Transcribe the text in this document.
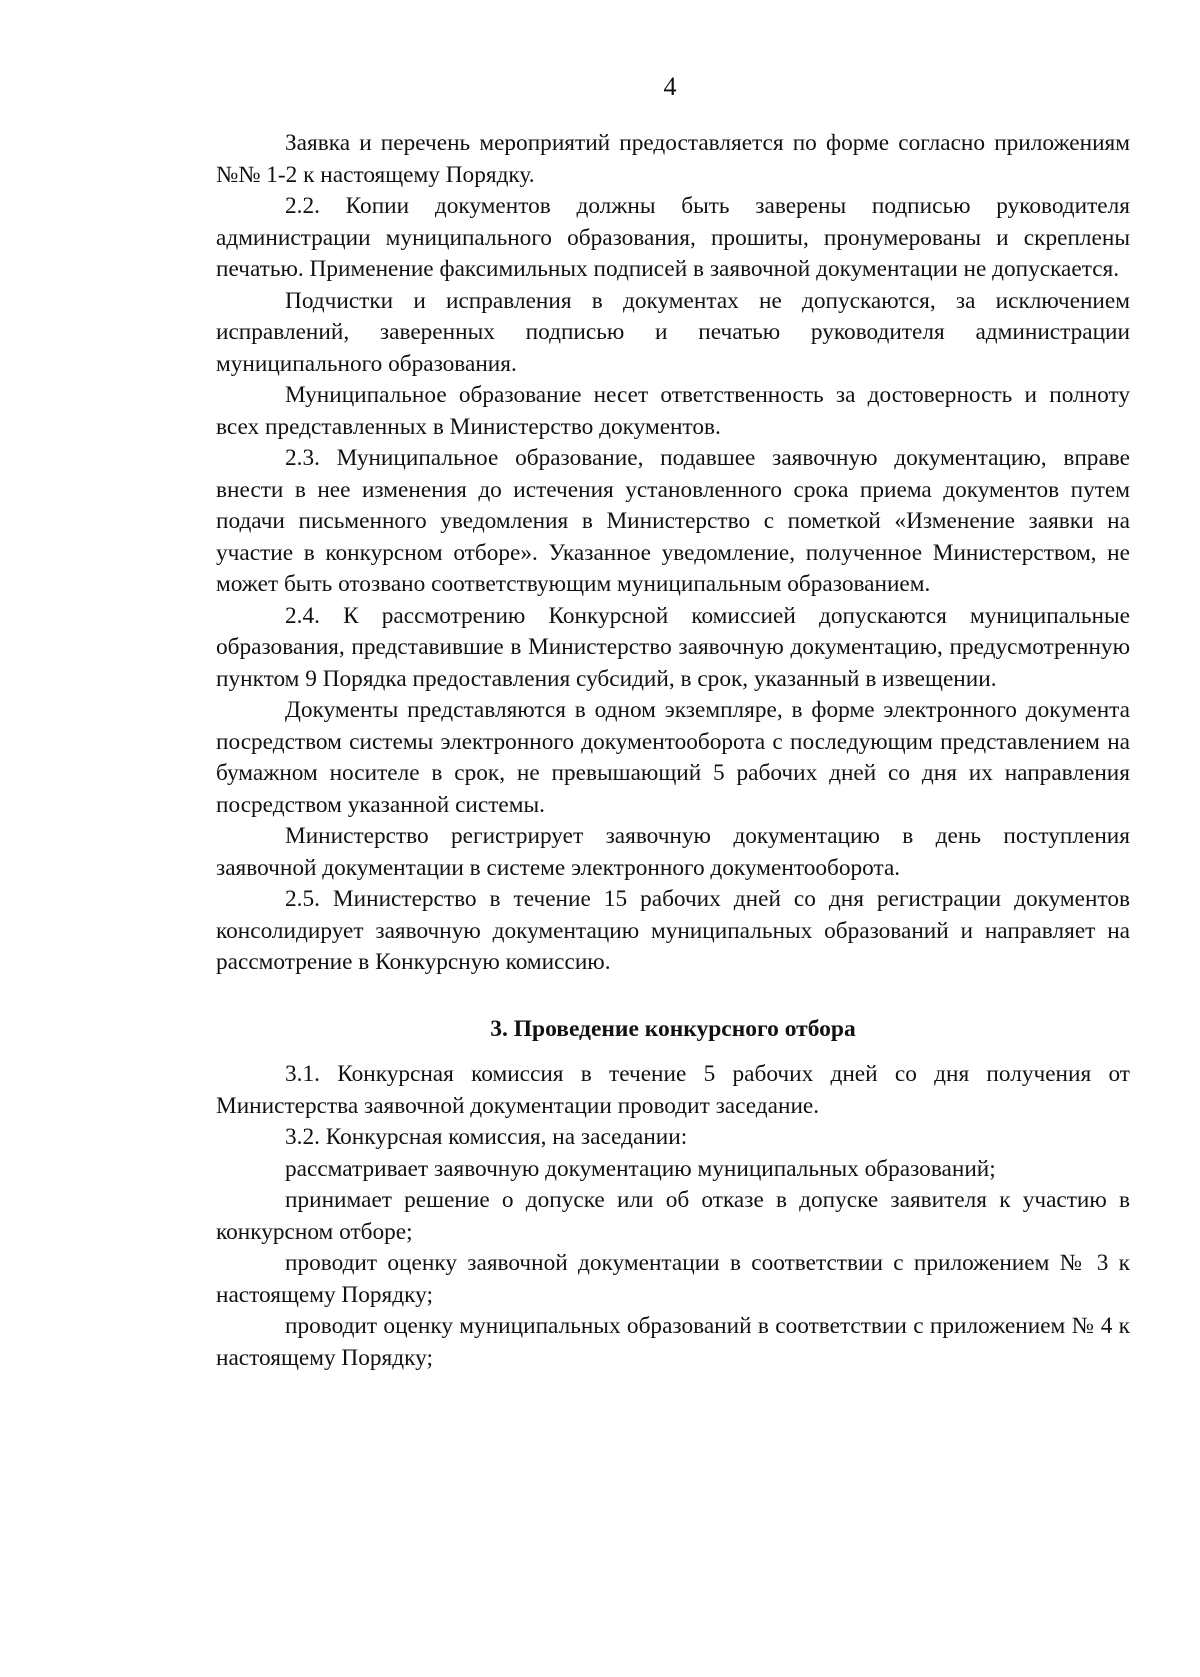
4

Заявка и перечень мероприятий предоставляется по форме согласно приложениям №№ 1-2 к настоящему Порядку.

2.2. Копии документов должны быть заверены подписью руководителя администрации муниципального образования, прошиты, пронумерованы и скреплены печатью. Применение факсимильных подписей в заявочной документации не допускается.

Подчистки и исправления в документах не допускаются, за исключением исправлений, заверенных подписью и печатью руководителя администрации муниципального образования.

Муниципальное образование несет ответственность за достоверность и полноту всех представленных в Министерство документов.

2.3. Муниципальное образование, подавшее заявочную документацию, вправе внести в нее изменения до истечения установленного срока приема документов путем подачи письменного уведомления в Министерство с пометкой «Изменение заявки на участие в конкурсном отборе». Указанное уведомление, полученное Министерством, не может быть отозвано соответствующим муниципальным образованием.

2.4. К рассмотрению Конкурсной комиссией допускаются муниципальные образования, представившие в Министерство заявочную документацию, предусмотренную пунктом 9 Порядка предоставления субсидий, в срок, указанный в извещении.

Документы представляются в одном экземпляре, в форме электронного документа посредством системы электронного документооборота с последующим представлением на бумажном носителе в срок, не превышающий 5 рабочих дней со дня их направления посредством указанной системы.

Министерство регистрирует заявочную документацию в день поступления заявочной документации в системе электронного документооборота.

2.5. Министерство в течение 15 рабочих дней со дня регистрации документов консолидирует заявочную документацию муниципальных образований и направляет на рассмотрение в Конкурсную комиссию.

3. Проведение конкурсного отбора

3.1. Конкурсная комиссия в течение 5 рабочих дней со дня получения от Министерства заявочной документации проводит заседание.

3.2. Конкурсная комиссия, на заседании:

рассматривает заявочную документацию муниципальных образований;

принимает решение о допуске или об отказе в допуске заявителя к участию в конкурсном отборе;

проводит оценку заявочной документации в соответствии с приложением № 3 к настоящему Порядку;

проводит оценку муниципальных образований в соответствии с приложением № 4 к настоящему Порядку;
